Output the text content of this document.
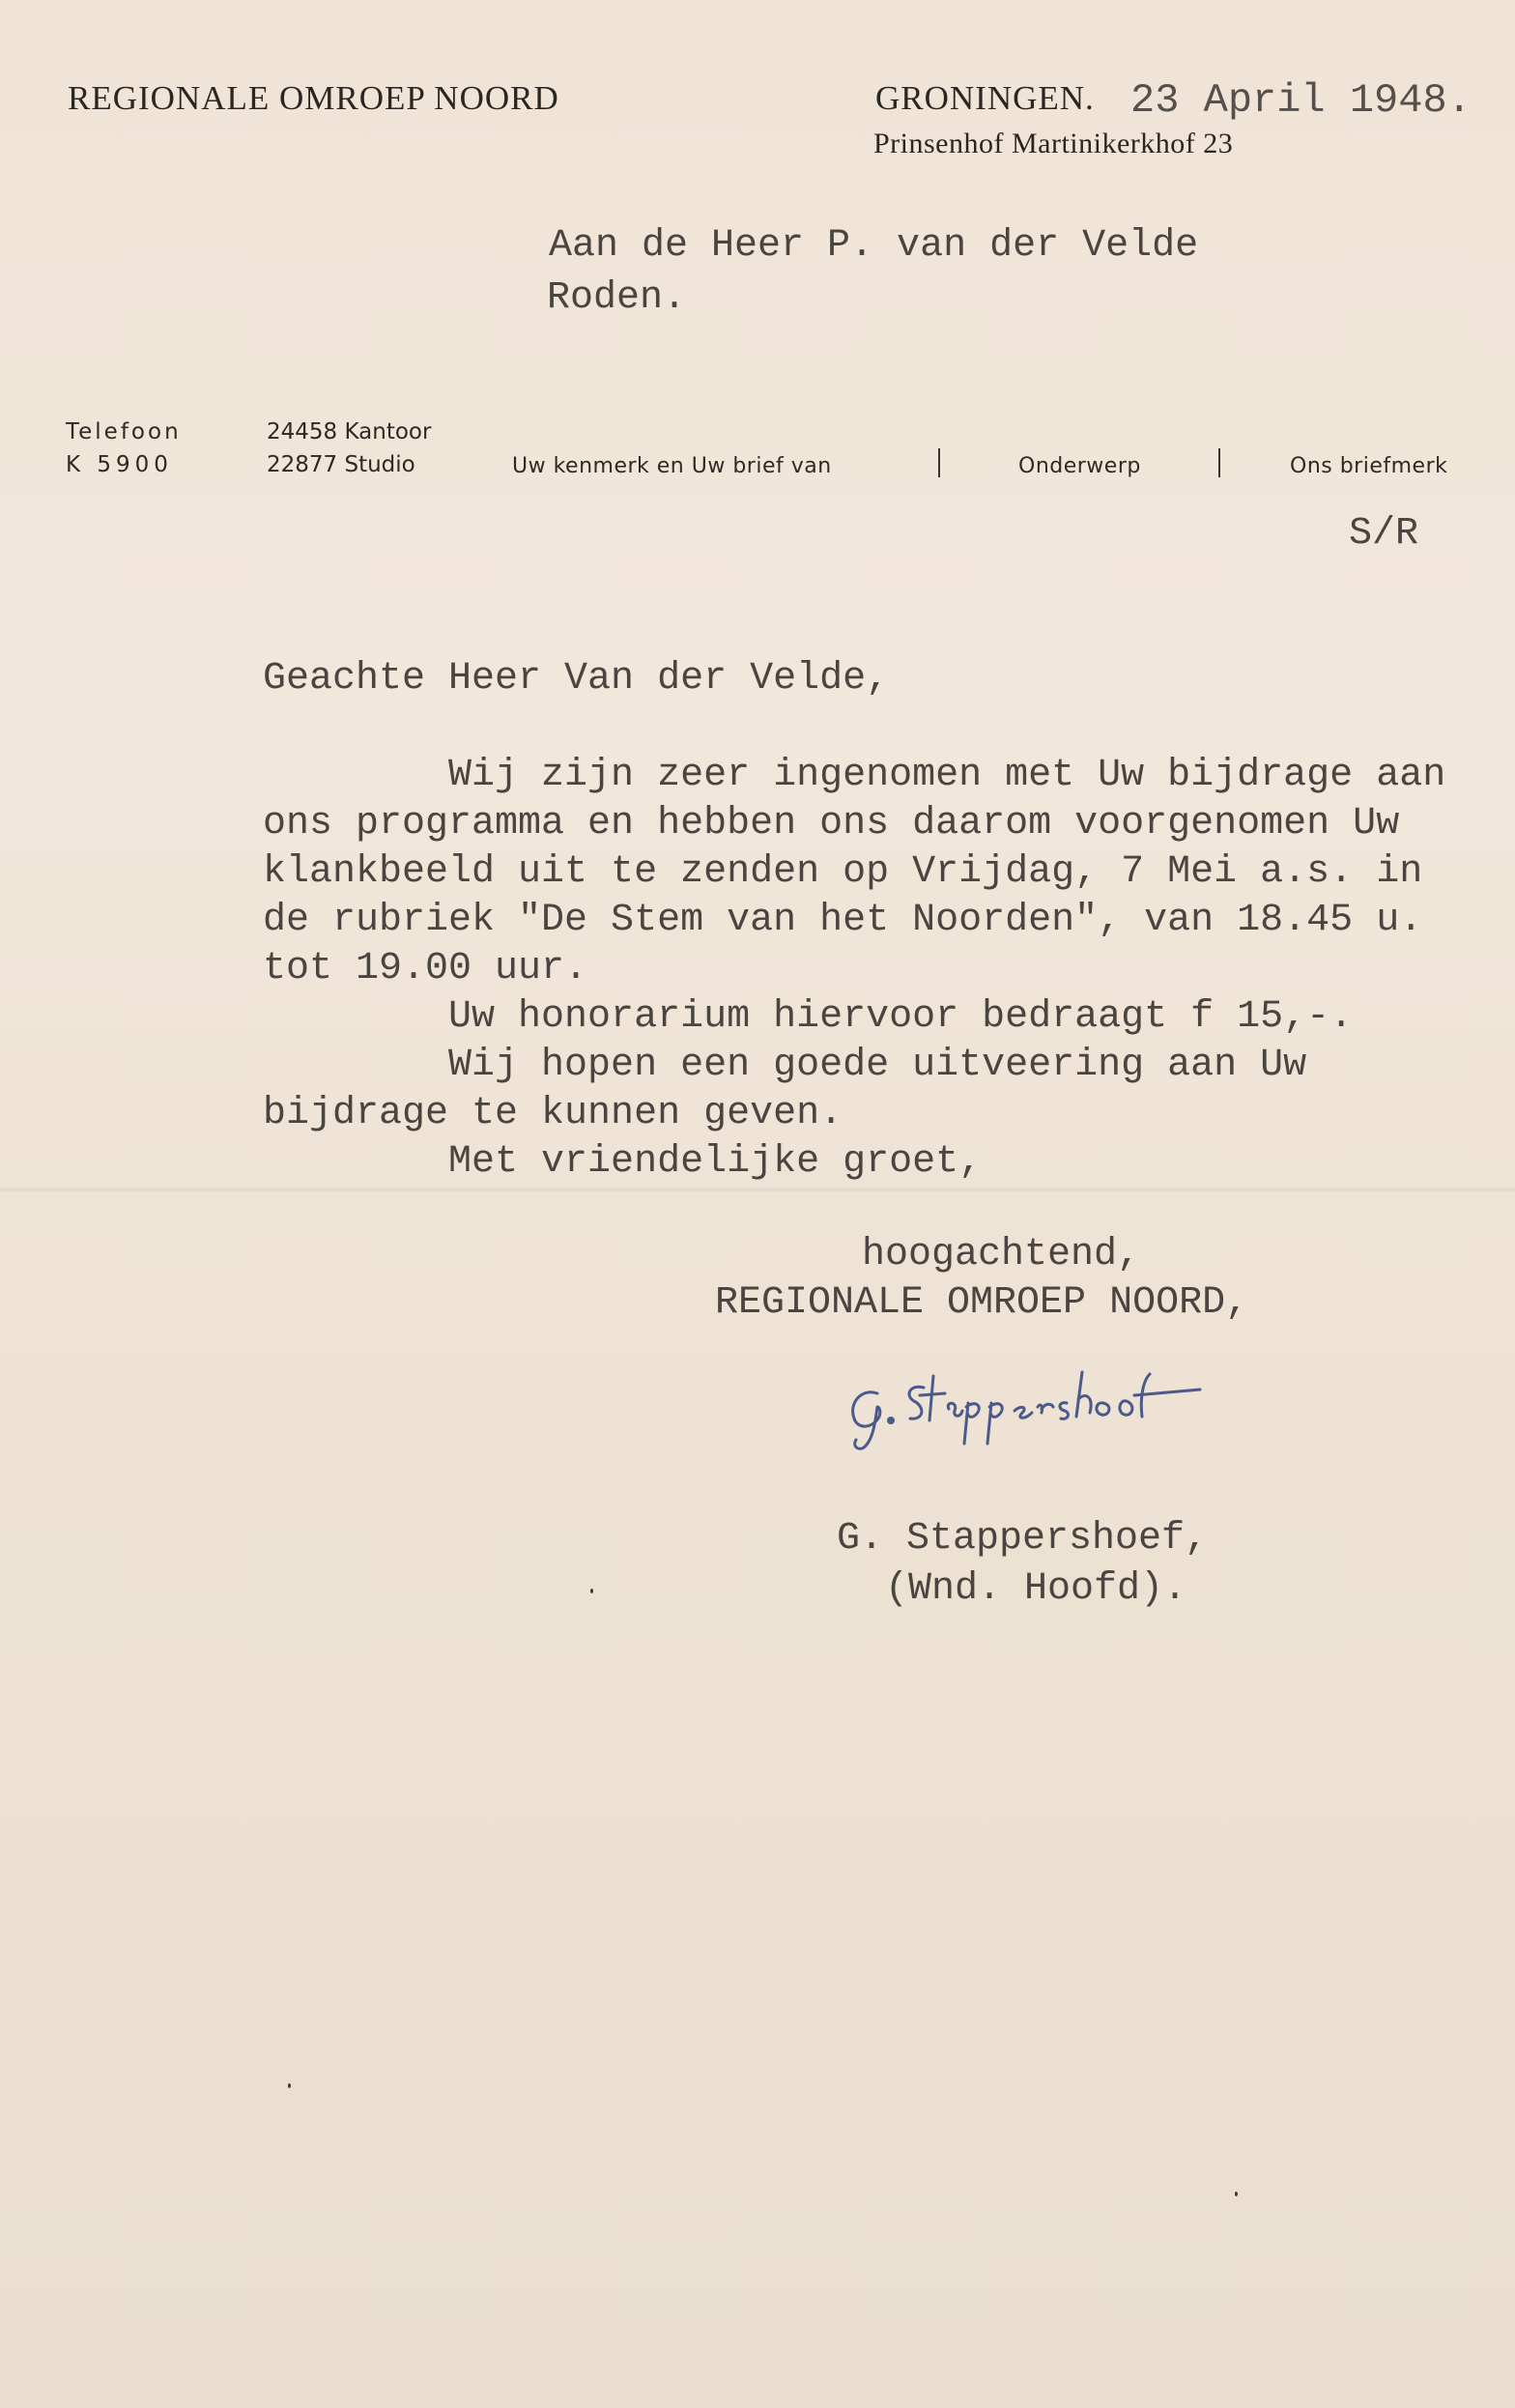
REGIONALE OMROEP NOORD	GRONINGEN. 23 April 1948.
Prinsenhof Martinikerkhof 23
Aan de Heer P. van der Velde
Roden.
Telefoon
K 5900
24458 Kantoor
22877 Studio	Uw kenmerk en Uw brief van	Onderwerp	Ons briefmerk
S/R
Geachte Heer Van der Velde,
Wij zijn zeer ingenomen met Uw bijdrage aan
ons programma en hebben ons daarom voorgenomen Uw
klankbeeld uit te zenden op Vrijdag, 7 Mei a.s. in
de rubriek "De Stem van het Noorden", van 18.45 u.
tot 19.00 uur.
Uw honorarium hiervoor bedraagt f 15,-.
Wij hopen een goede uitveering aan Uw
bijdrage te kunnen geven.
Met vriendelijke groet,
hoogachtend,
REGIONALE OMROEP NOORD,
G. Stappershoef,
(Wnd. Hoofd).
